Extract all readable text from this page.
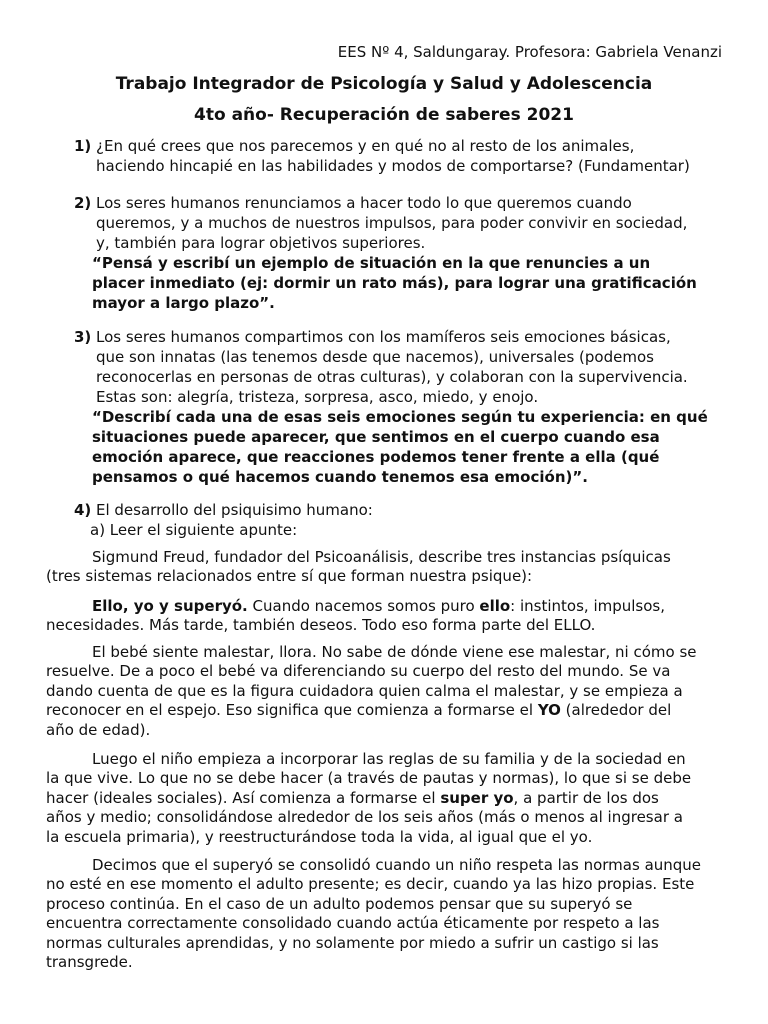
EES Nº 4, Saldungaray. Profesora: Gabriela Venanzi
Trabajo Integrador de Psicología y Salud y Adolescencia
4to año- Recuperación de saberes 2021
1) ¿En qué crees que nos parecemos y en qué no al resto de los animales,
haciendo hincapié en las habilidades y modos de comportarse? (Fundamentar)
2) Los seres humanos renunciamos a hacer todo lo que queremos cuando
queremos, y a muchos de nuestros impulsos, para poder convivir en sociedad,
y, también para lograr objetivos superiores.
“Pensá y escribí un ejemplo de situación en la que renuncies a un
placer inmediato (ej: dormir un rato más), para lograr una gratificación
mayor a largo plazo”.
3) Los seres humanos compartimos con los mamíferos seis emociones básicas,
que son innatas (las tenemos desde que nacemos), universales (podemos
reconocerlas en personas de otras culturas), y colaboran con la supervivencia.
Estas son: alegría, tristeza, sorpresa, asco, miedo, y enojo.
“Describí cada una de esas seis emociones según tu experiencia: en qué
situaciones puede aparecer, que sentimos en el cuerpo cuando esa
emoción aparece, que reacciones podemos tener frente a ella (qué
pensamos o qué hacemos cuando tenemos esa emoción)”.
4) El desarrollo del psiquisimo humano:
a) Leer el siguiente apunte:
Sigmund Freud, fundador del Psicoanálisis, describe tres instancias psíquicas
(tres sistemas relacionados entre sí que forman nuestra psique):
Ello, yo y superyó. Cuando nacemos somos puro ello: instintos, impulsos,
necesidades. Más tarde, también deseos. Todo eso forma parte del ELLO.
El bebé siente malestar, llora. No sabe de dónde viene ese malestar, ni cómo se
resuelve. De a poco el bebé va diferenciando su cuerpo del resto del mundo. Se va
dando cuenta de que es la figura cuidadora quien calma el malestar, y se empieza a
reconocer en el espejo. Eso significa que comienza a formarse el YO (alrededor del
año de edad).
Luego el niño empieza a incorporar las reglas de su familia y de la sociedad en
la que vive. Lo que no se debe hacer (a través de pautas y normas), lo que si se debe
hacer (ideales sociales). Así comienza a formarse el super yo, a partir de los dos
años y medio; consolidándose alrededor de los seis años (más o menos al ingresar a
la escuela primaria), y reestructurándose toda la vida, al igual que el yo.
Decimos que el superyó se consolidó cuando un niño respeta las normas aunque
no esté en ese momento el adulto presente; es decir, cuando ya las hizo propias. Este
proceso continúa. En el caso de un adulto podemos pensar que su superyó se
encuentra correctamente consolidado cuando actúa éticamente por respeto a las
normas culturales aprendidas, y no solamente por miedo a sufrir un castigo si las
transgrede.
